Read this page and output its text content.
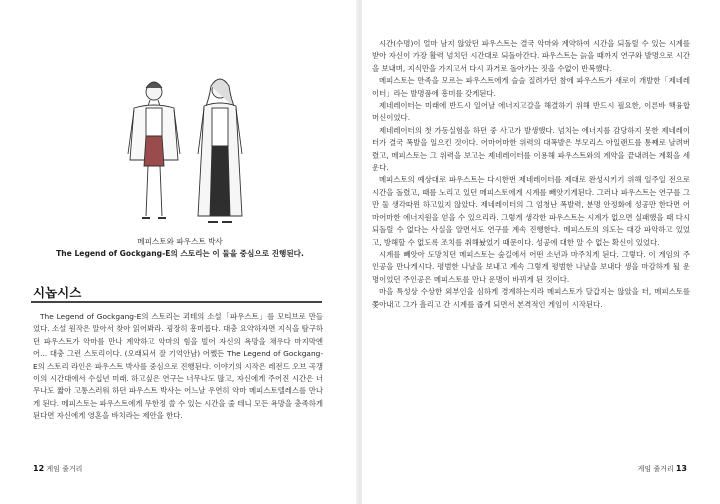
메피스토와 파우스트 박사
The Legend of Gockgang-E의 스토리는 이 둘을 중심으로 진행된다.
시놉시스

The Legend of Gockgang-E의 스토리는 괴테의 소설「파우스트」를 모티브로 만들었다. 소설 원작은 알아서 찾아 읽어봐라. 굉장히 흥미롭다. 대충 요약하자면 지식을 탐구하던 파우스트가 악마를 만나 계약하고 악마의 힘을 빌어 자신의 욕망을 채우다 마지막엔 어... 대충 그런 스토리이다. (오래되서 잘 기억안남) 어쨌든 The Legend of Gockgang-E의 스토리 라인은 파우스트 박사를 중심으로 진행된다. 이야기의 시작은 레전드 오브 곡갱이의 시간대에서 수십년 미래. 하고싶은 연구는 너무나도 많고, 자신에게 주어진 시간은 너무나도 짧아 고통스러워 하던 파우스트 박사는 어느날 우연히 악마 메피스토텔레스를 만나게 된다. 메피스토는 파우스트에게 무한정 쓸 수 있는 시간을 줄 테니 모든 욕망을 충족하게 된다면 자신에게 영혼을 바치라는 제안을 한다.

12 게임 줄거리

시간(수명)이 얼마 남지 않았던 파우스트는 결국 악마와 계약하여 시간을 되돌릴 수 있는 시계를 받아 자신이 가장 활력 넘치던 시간대로 되돌아간다. 파우스트는 늙을 때까지 연구와 발명으로 시간을 보내며, 지식만을 가지고서 다시 과거로 돌아가는 짓을 수없이 반복했다.

메피스토는 만족을 모르는 파우스트에게 슬슬 질려가던 참에 파우스트가 새로이 개발한「제네레이터」라는 발명품에 흥미를 갖게된다.

제네레이터는 미래에 반드시 일어날 에너지고갈을 해결하기 위해 반드시 필요한, 이른바 핵융합머신이었다.

제네레이터의 첫 가동실험을 하던 중 사고가 발생했다. 넘치는 에너지를 감당하지 못한 제네레이터가 결국 폭발을 일으킨 것이다. 어마어마한 위력의 대폭발은 부모리스 아일랜드를 통째로 날려버렸고, 메피스토는 그 위력을 보고는 제네레이터를 이용해 파우스트와의 계약을 끝내려는 계획을 세운다.

메피스토의 예상대로 파우스트는 다시한번 제네레이터를 제대로 완성시키기 위해 일주일 전으로 시간을 돌렸고, 때를 노리고 있던 메피스토에게 시계를 빼앗기게된다. 그러나 파우스트는 연구를 그만 둘 생각따윈 하고있지 않았다. 제네레이터의 그 엄청난 폭발력, 분명 안정화에 성공만 한다면 어마어마한 에너지원을 얻을 수 있으리라. 그렇게 생각한 파우스트는 시계가 없으면 실패했을 때 다시 되돌릴 수 없다는 사실을 알면서도 연구를 계속 진행한다. 메피스토의 의도는 대강 파악하고 있었고, 방해할 수 없도록 조치를 취해놨었기 때문이다. 성공에 대한 알 수 없는 확신이 있었다.

시계를 빼앗아 도망치던 메피스토는 숲길에서 어떤 소년과 마주치게 된다. 그렇다. 이 게임의 주인공을 만나게시다. 평범한 나날을 보내고 계속 그렇게 평범한 나날을 보내다 생을 마감하게 될 운명이었던 주인공은 메피스토를 만나 운명이 바뀌게 된 것이다.

마을 특성상 수상한 외부인을 심하게 경계하는지라 메피스토가 달갑지는 않았을 터, 메피스토를 쫓아내고 그가 흘리고 간 시계를 줍게 되면서 본격적인 게임이 시작된다.

게임 줄거리 13
